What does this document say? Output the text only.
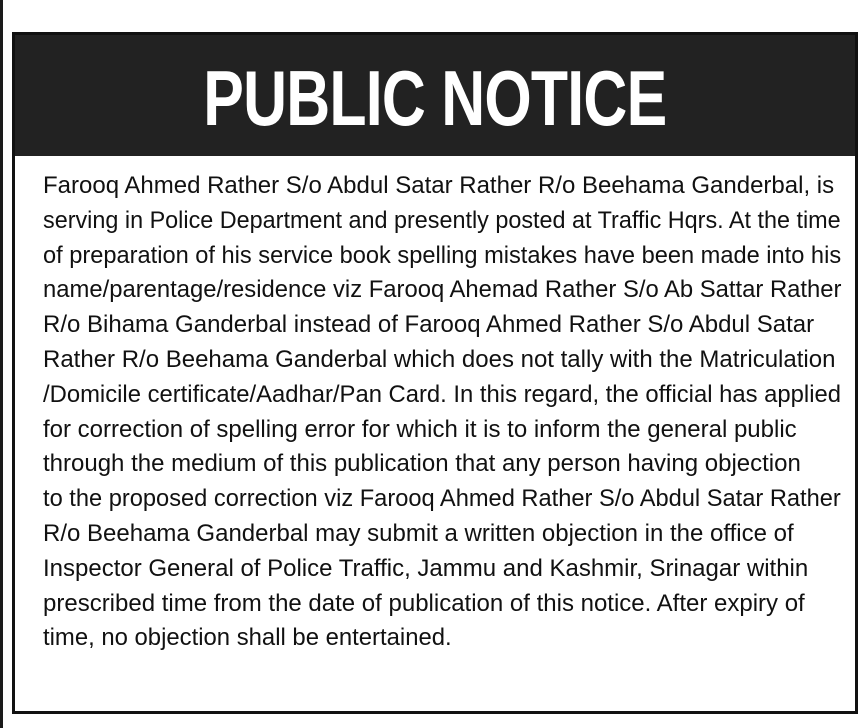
PUBLIC NOTICE
Farooq Ahmed Rather S/o Abdul Satar Rather R/o Beehama Ganderbal, is
serving in Police Department and presently posted at Traffic Hqrs. At the time
of preparation of his service book spelling mistakes have been made into his
name/parentage/residence viz Farooq Ahemad Rather S/o Ab Sattar Rather
R/o Bihama Ganderbal instead of Farooq Ahmed Rather S/o Abdul Satar
Rather R/o Beehama Ganderbal which does not tally with the Matriculation
/Domicile certificate/Aadhar/Pan Card. In this regard, the official has applied
for correction of spelling error for which it is to inform the general public
through the medium of this publication that any person having objection
to the proposed correction viz Farooq Ahmed Rather S/o Abdul Satar Rather
R/o Beehama Ganderbal may submit a written objection in the office of
Inspector General of Police Traffic, Jammu and Kashmir, Srinagar within
prescribed time from the date of publication of this notice. After expiry of
time, no objection shall be entertained.
